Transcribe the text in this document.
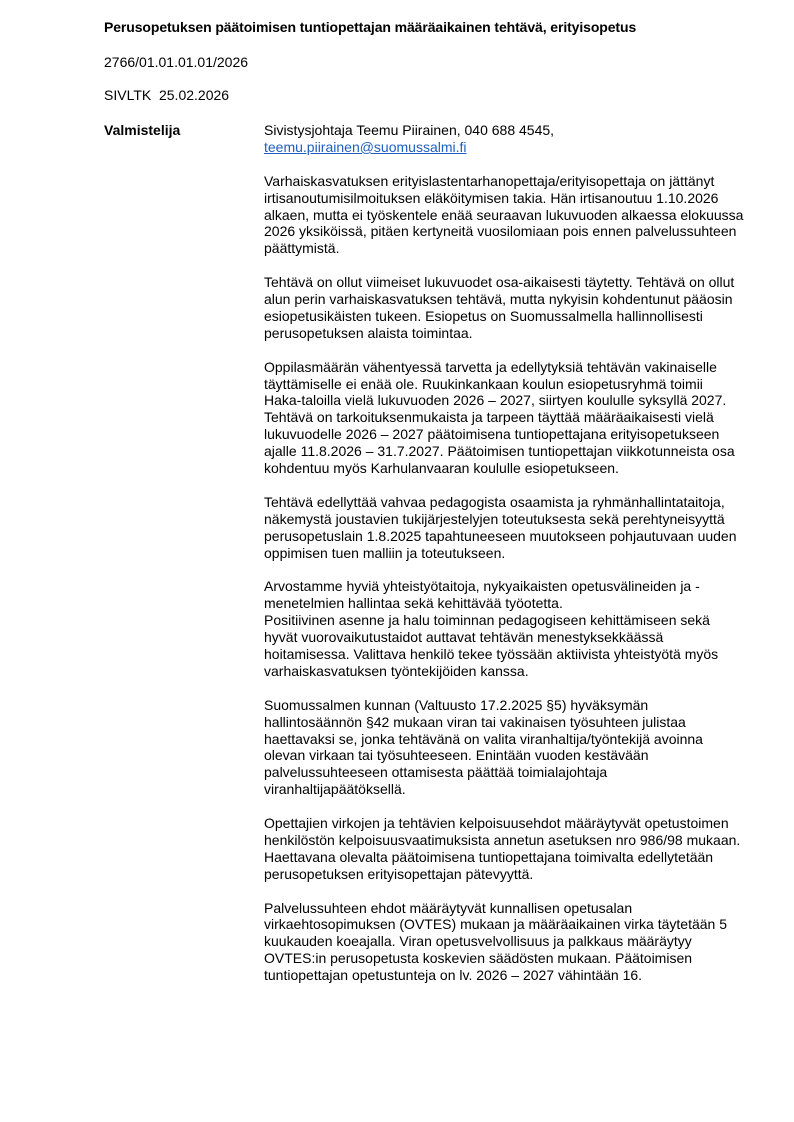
Perusopetuksen päätoimisen tuntiopettajan määräaikainen tehtävä, erityisopetus
2766/01.01.01.01/2026
SIVLTK  25.02.2026
Valmistelija	Sivistysjohtaja Teemu Piirainen, 040 688 4545,
teemu.piirainen@suomussalmi.fi

Varhaiskasvatuksen erityislastentarhanopettaja/erityisopettaja on jättänyt irtisanoutumisilmoituksen eläköitymisen takia. Hän irtisanoutuu 1.10.2026 alkaen, mutta ei työskentele enää seuraavan lukuvuoden alkaessa elokuussa 2026 yksiköissä, pitäen kertyneitä vuosilomiaan pois ennen palvelussuhteen päättymistä.

Tehtävä on ollut viimeiset lukuvuodet osa-aikaisesti täytetty. Tehtävä on ollut alun perin varhaiskasvatuksen tehtävä, mutta nykyisin kohdentunut pääosin esiopetusikäisten tukeen. Esiopetus on Suomussalmella hallinnollisesti perusopetuksen alaista toimintaa.

Oppilasmäärän vähentyessä tarvetta ja edellytyksiä tehtävän vakinaiselle täyttämiselle ei enää ole. Ruukinkankaan koulun esiopetusryhmä toimii Haka-taloilla vielä lukuvuoden 2026 – 2027, siirtyen koululle syksyllä 2027. Tehtävä on tarkoituksenmukaista ja tarpeen täyttää määräaikaisesti vielä lukuvuodelle 2026 – 2027 päätoimisena tuntiopettajana erityisopetukseen ajalle 11.8.2026 – 31.7.2027. Päätoimisen tuntiopettajan viikkotunneista osa kohdentuu myös Karhulanvaaran koululle esiopetukseen.

Tehtävä edellyttää vahvaa pedagogista osaamista ja ryhmänhallintataitoja, näkemystä joustavien tukijärjestelyjen toteutuksesta sekä perehtyneisyyttä perusopetuslain 1.8.2025 tapahtuneeseen muutokseen pohjautuvaan uuden oppimisen tuen malliin ja toteutukseen.

Arvostamme hyviä yhteistyötaitoja, nykyaikaisten opetusvälineiden ja -menetelmien hallintaa sekä kehittävää työotetta.

Positiivinen asenne ja halu toiminnan pedagogiseen kehittämiseen sekä hyvät vuorovaikutustaidot auttavat tehtävän menestyksekkäässä hoitamisessa. Valittava henkilö tekee työssään aktiivista yhteistyötä myös varhaiskasvatuksen työntekijöiden kanssa.

Suomussalmen kunnan (Valtuusto 17.2.2025 §5) hyväksymän hallintosäännön §42 mukaan viran tai vakinaisen työsuhteen julistaa haettavaksi se, jonka tehtävänä on valita viranhaltija/työntekijä avoinna olevan virkaan tai työsuhteeseen. Enintään vuoden kestävään palvelussuhteeseen ottamisesta päättää toimialajohtaja viranhaltijapäätöksellä.

Opettajien virkojen ja tehtävien kelpoisuusehdot määräytyvät opetustoimen henkilöstön kelpoisuusvaatimuksista annetun asetuksen nro 986/98 mukaan. Haettavana olevalta päätoimisena tuntiopettajana toimivalta edellytetään perusopetuksen erityisopettajan pätevyyttä.

Palvelussuhteen ehdot määräytyvät kunnallisen opetusalan virkaehtosopimuksen (OVTES) mukaan ja määräaikainen virka täytetään 5 kuukauden koeajalla. Viran opetusvelvollisuus ja palkkaus määräytyy OVTES:in perusopetusta koskevien säädösten mukaan. Päätoimisen tuntiopettajan opetustunteja on lv. 2026 – 2027 vähintään 16.
